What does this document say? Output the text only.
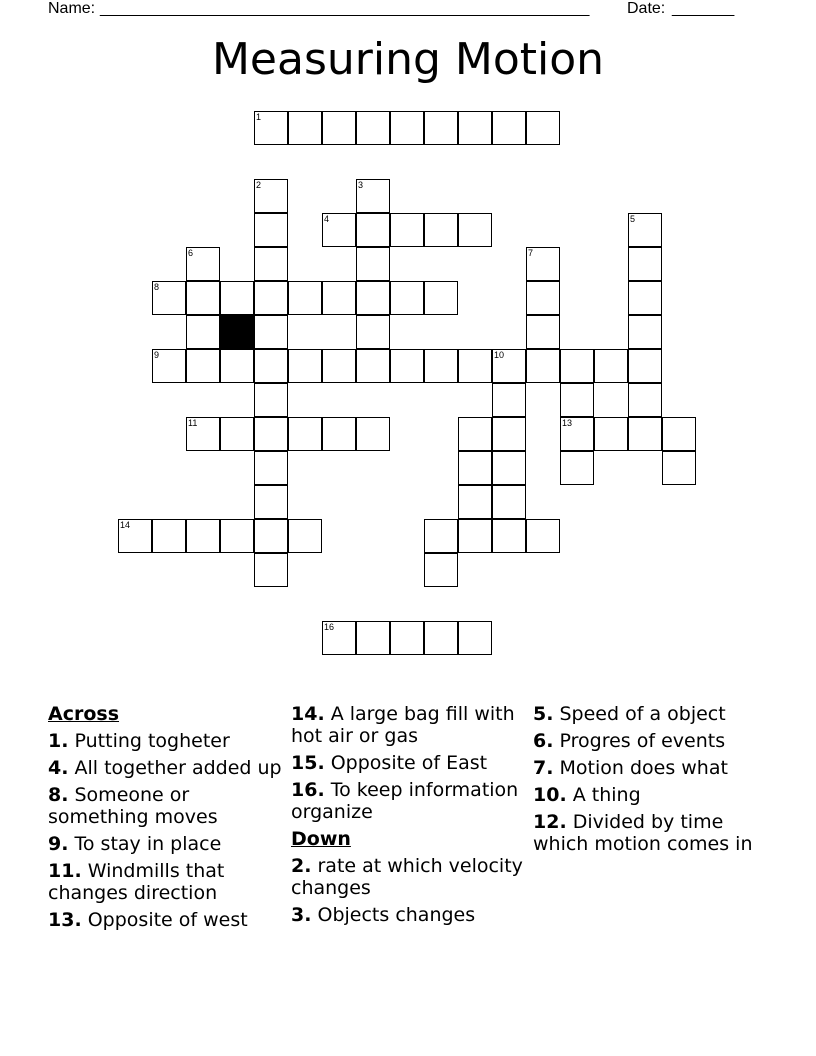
Name: _______________________________________________________ Date: _______
Measuring Motion
1
2	3
4	5
6	7
8
9	10
11	13
14
16
Across
1. Putting togheter
4. All together added up
8. Someone or something moves
9. To stay in place
11. Windmills that changes direction
13. Opposite of west
14. A large bag fill with hot air or gas
15. Opposite of East
16. To keep information organize
Down
2. rate at which velocity changes
3. Objects changes
5. Speed of a object
6. Progres of events
7. Motion does what
10. A thing
12. Divided by time which motion comes in
